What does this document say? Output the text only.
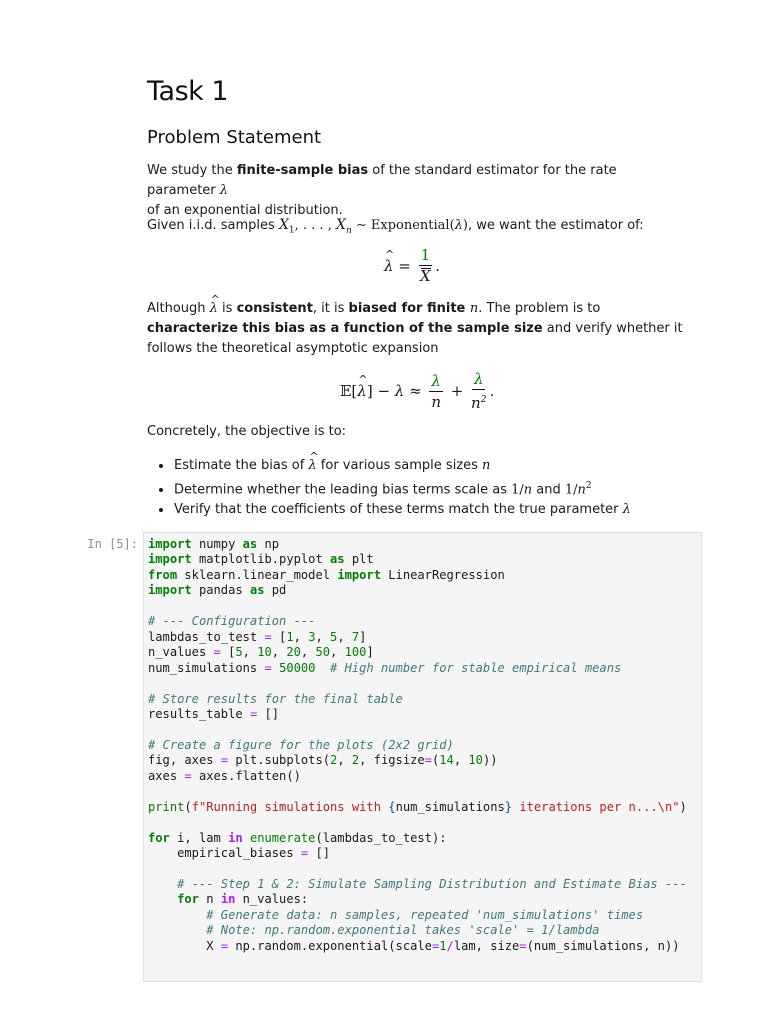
Task 1
Problem Statement

We study the finite-sample bias of the standard estimator for the rate parameter λ
of an exponential distribution.

Given i.i.d. samples $X_1$, . . . , $X_n$ ∼ Exponential(λ), we want the estimator of:

^ $\lambda = \frac{1}{X}$ .

Although ^ λ is consistent, it is biased for finite n. The problem is to characterize this bias as a function of the sample size and verify whether it follows the theoretical asymptotic expansion

𝔼[
^ λ ] − $\lambda \approx \frac{\lambda}{n} + \frac{\lambda}{n^2}$ .

Concretely, the objective is to:

• Estimate the bias of ^ λ for various sample sizes n
• Determine whether the leading bias terms scale as 1/n and $1/n^2$
• Verify that the coefficients of these terms match the true parameter λ
In [5]: import numpy as np
import matplotlib.pyplot as plt
from sklearn.linear_model import LinearRegression
import pandas as pd

# --- Configuration ---
lambdas_to_test = [1, 3, 5, 7]
n_values = [5, 10, 20, 50, 100]
num_simulations = 50000 # High number for stable empirical means

# Store results for the final table
results_table = []

# Create a figure for the plots (2x2 grid)
fig, axes = plt.subplots(2, 2, figsize=(14, 10))
axes = axes.flatten()

print(f"Running simulations with {num_simulations} iterations per n...\n")

for i, lam in enumerate(lambdas_to_test):
empirical_biases = []

# --- Step 1 & 2: Simulate Sampling Distribution and Estimate Bias ---
for n in n_values:
# Generate data: n samples, repeated 'num_simulations' times
# Note: np.random.exponential takes 'scale' = 1/lambda
X = np.random.exponential(scale=1/lam, size=(num_simulations, n))
